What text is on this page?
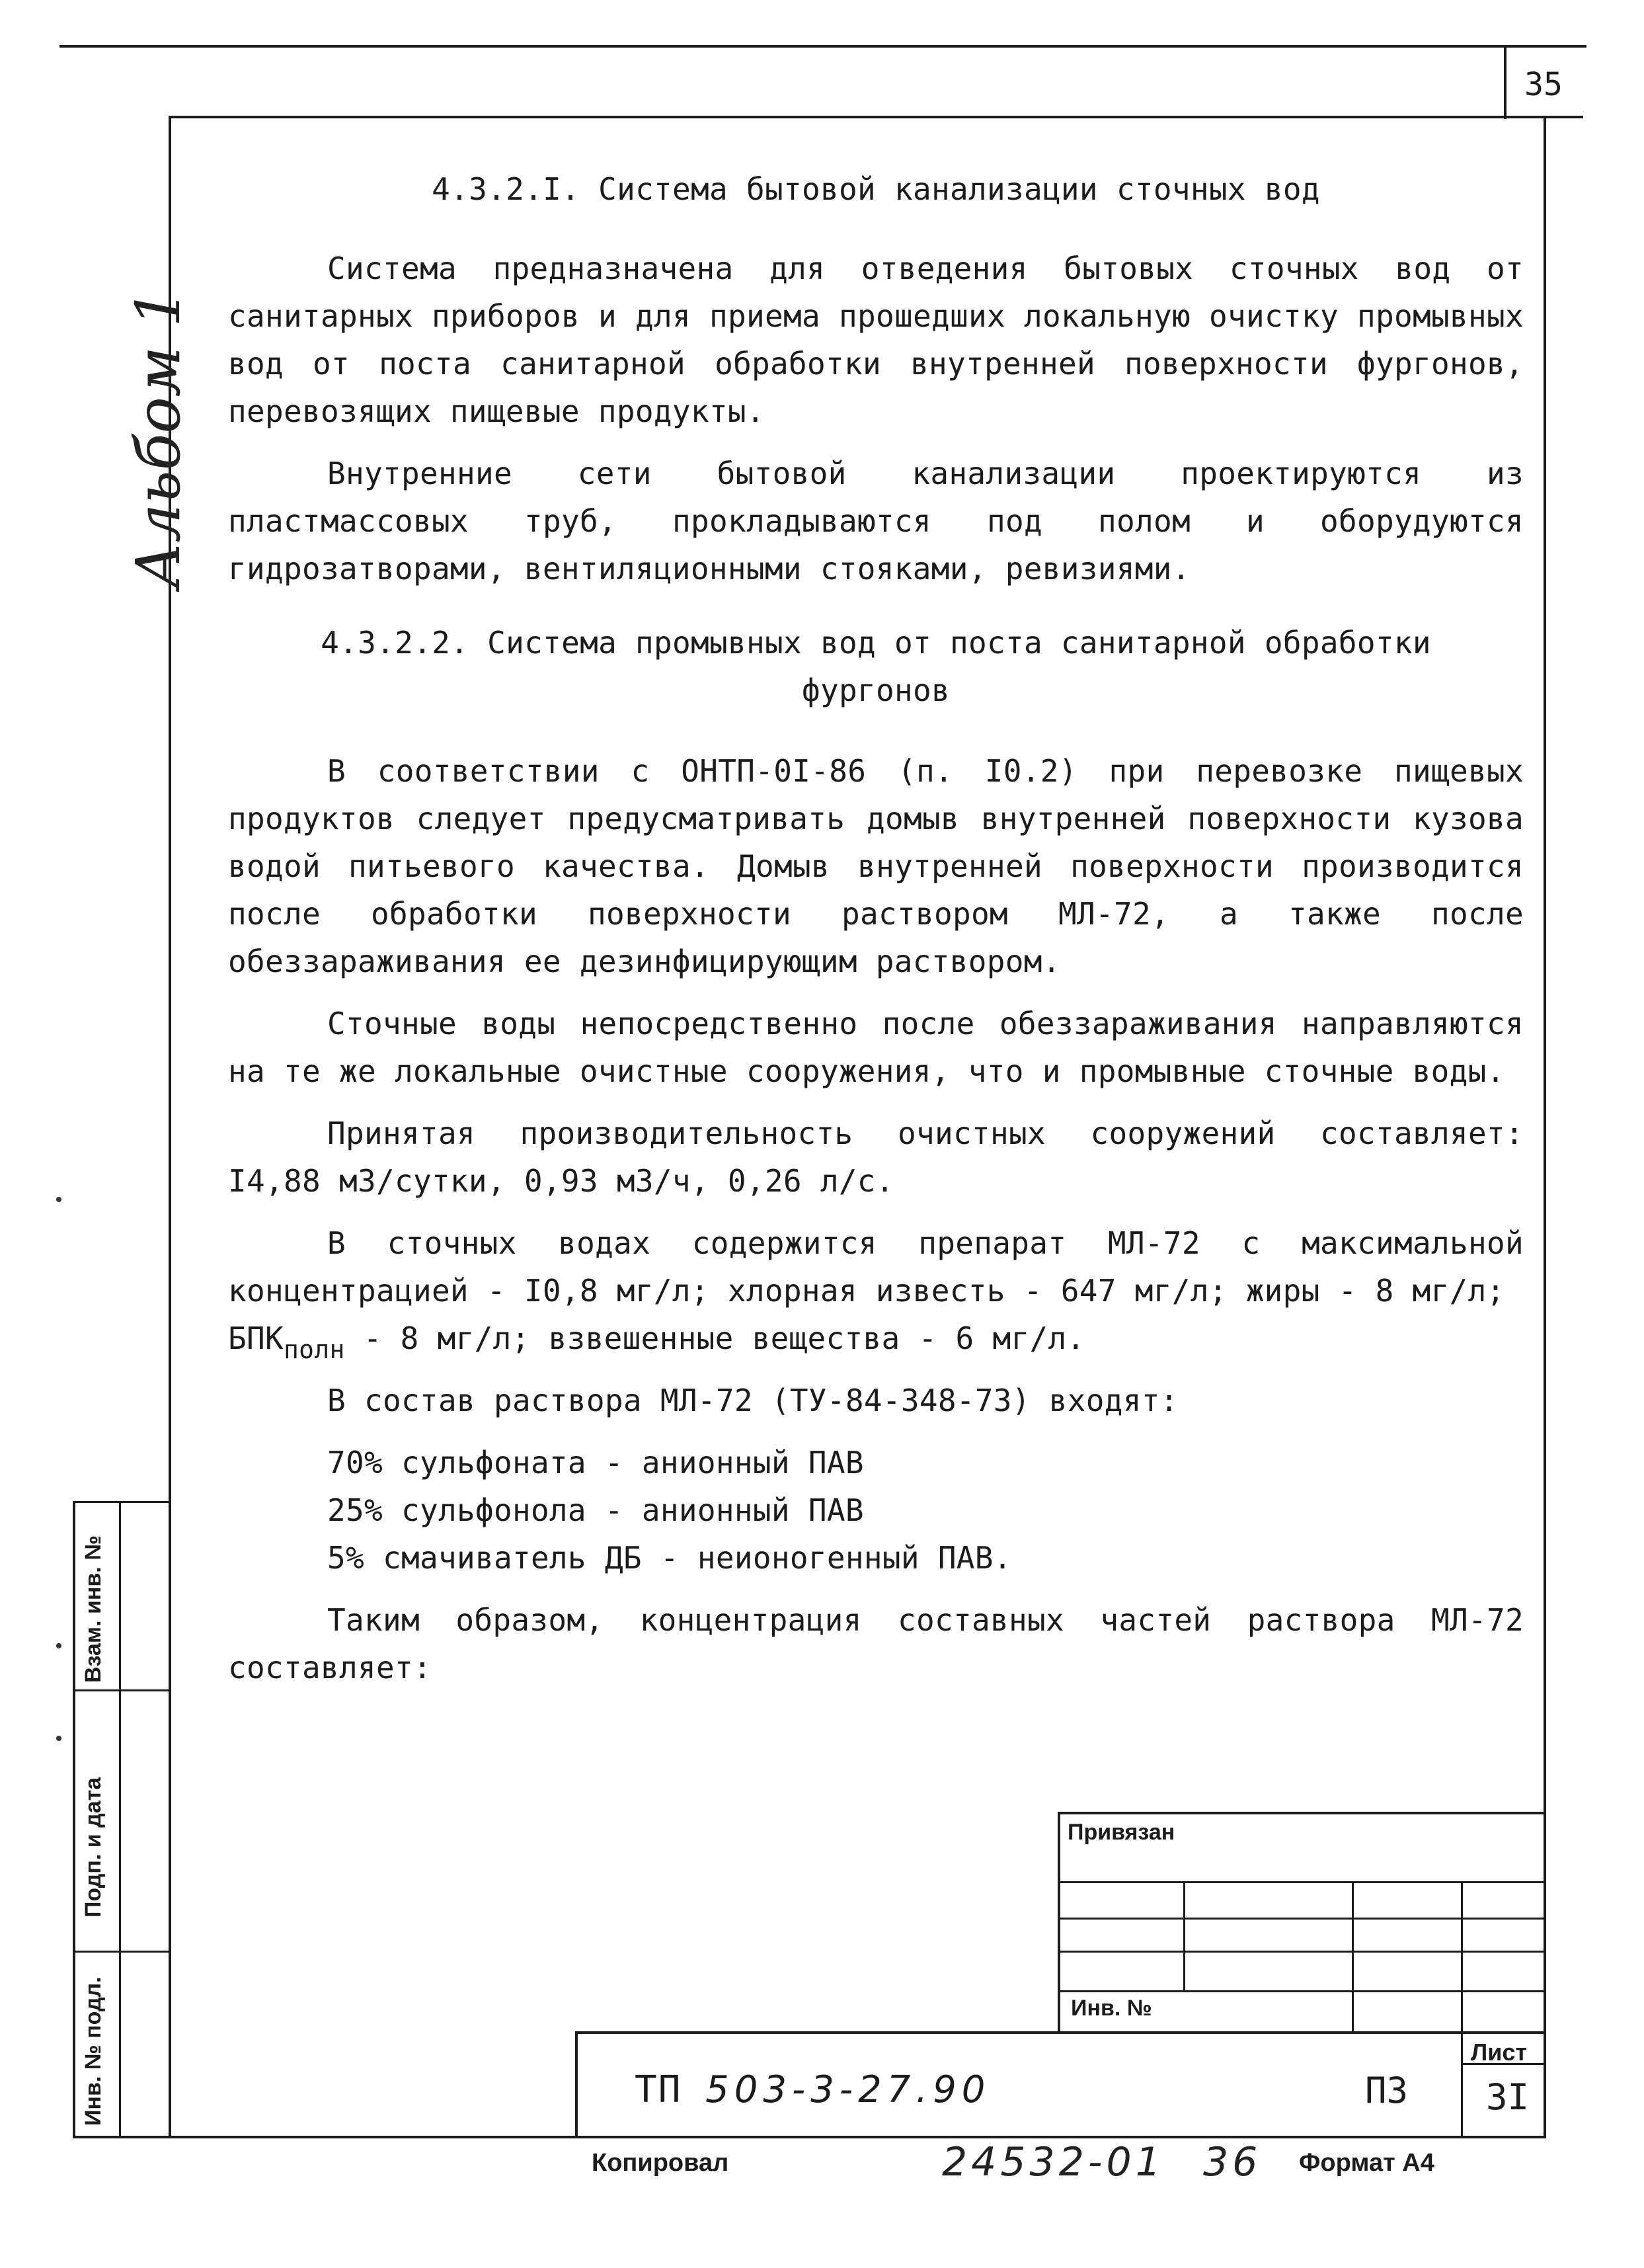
35
Альбом 1
Взам. инв. №
Подп. и дата
Инв. № подл.

4.3.2.I. Система бытовой канализации сточных вод

Система предназначена для отведения бытовых сточных вод от санитарных приборов и для приема прошедших локальную очистку промывных вод от поста санитарной обработки внутренней поверхности фургонов, перевозящих пищевые продукты.

Внутренние сети бытовой канализации проектируются из пластмассовых труб, прокладываются под полом и оборудуются гидрозатворами, вентиляционными стояками, ревизиями.

4.3.2.2. Система промывных вод от поста санитарной обработки
фургонов

В соответствии с ОНТП-0I-86 (п. I0.2) при перевозке пищевых продуктов следует предусматривать домыв внутренней поверхности кузова водой питьевого качества. Домыв внутренней поверхности производится после обработки поверхности раствором МЛ-72, а также после обеззараживания ее дезинфицирующим раствором.

Сточные воды непосредственно после обеззараживания направляются на те же локальные очистные сооружения, что и промывные сточные воды.

Принятая производительность очистных сооружений составляет: I4,88 м3/сутки, 0,93 м3/ч, 0,26 л/с.

В сточных водах содержится препарат МЛ-72 с максимальной концентрацией - I0,8 мг/л; хлорная известь - 647 мг/л; жиры - 8 мг/л;
$БПК_{полн} - 8$ мг/л; взвешенные вещества - 6 мг/л.

В состав раствора МЛ-72 (ТУ-84-348-73) входят:

70% сульфоната - анионный ПАВ
25% сульфонола - анионный ПАВ
5% смачиватель ДБ - неионогенный ПАВ.

Таким образом, концентрация составных частей раствора МЛ-72 составляет:

Привязан
Инв. №
ТП 503-3-27.90	ПЗ
Лист
3I
Копировал	24532-01 36 Формат А4
